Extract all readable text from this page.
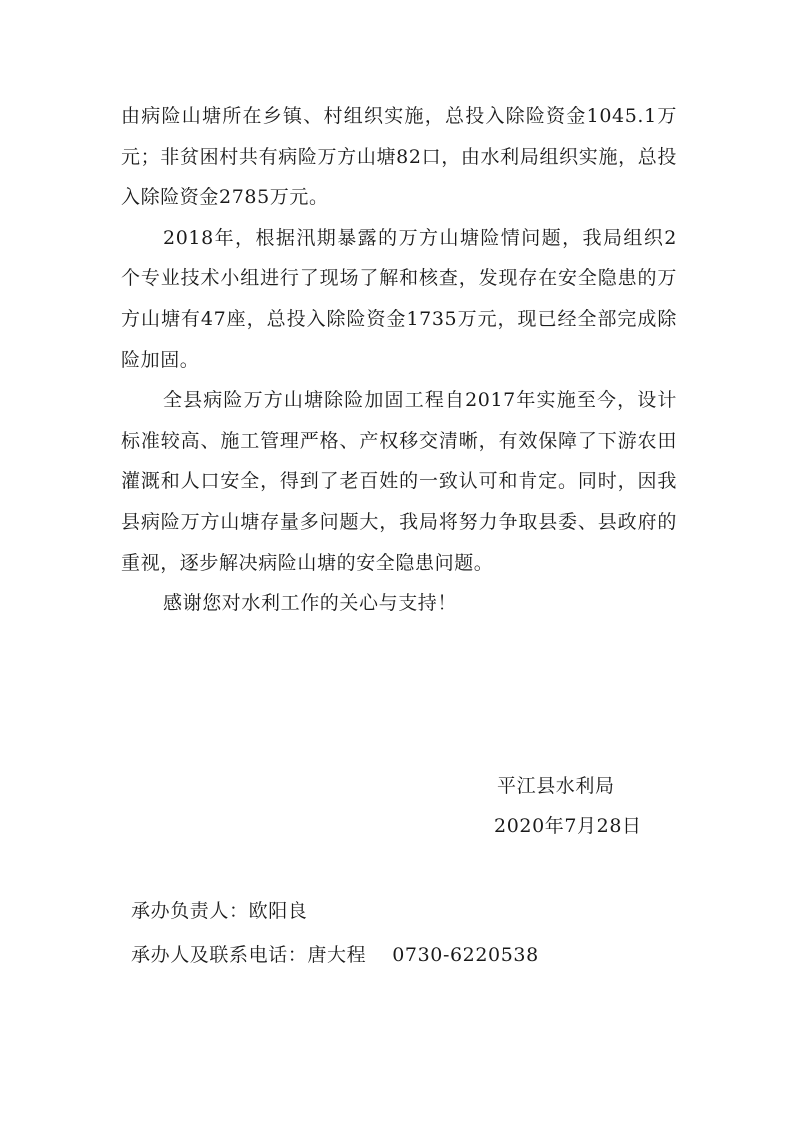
由病险山塘所在乡镇、村组织实施，总投入除险资金1045.1万元；非贫困村共有病险万方山塘82口，由水利局组织实施，总投入除险资金2785万元。

2018年，根据汛期暴露的万方山塘险情问题，我局组织2个专业技术小组进行了现场了解和核查，发现存在安全隐患的万方山塘有47座，总投入除险资金1735万元，现已经全部完成除险加固。

全县病险万方山塘除险加固工程自2017年实施至今，设计标准较高、施工管理严格、产权移交清晰，有效保障了下游农田灌溉和人口安全，得到了老百姓的一致认可和肯定。同时，因我县病险万方山塘存量多问题大，我局将努力争取县委、县政府的重视，逐步解决病险山塘的安全隐患问题。

感谢您对水利工作的关心与支持！

平江县水利局
2020年7月28日
承办负责人：欧阳良
承办人及联系电话：唐大程 0730-6220538
